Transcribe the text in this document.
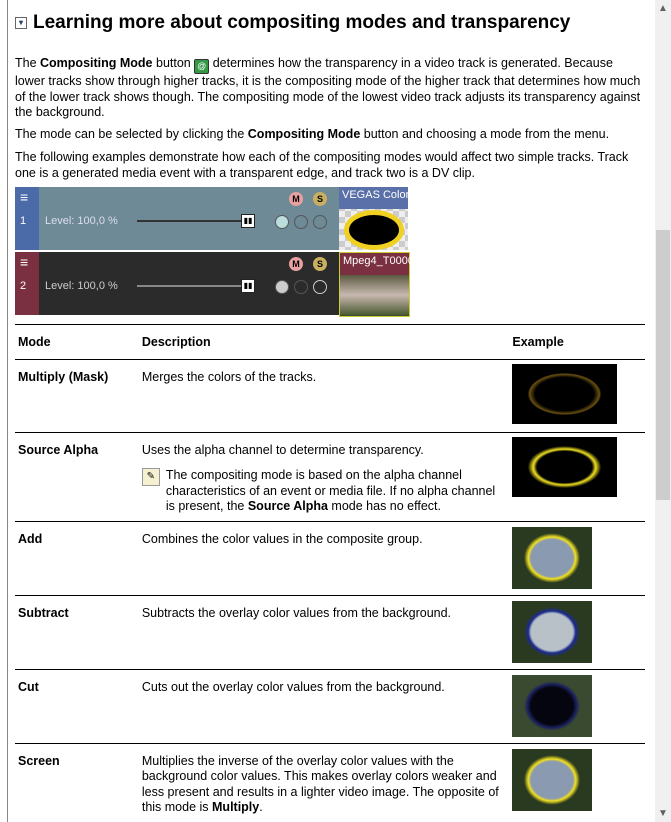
▾ Learning more about compositing modes and transparency

The Compositing Mode button @ determines how the transparency in a video track is generated. Because lower tracks show through higher tracks, it is the compositing mode of the higher track that determines how much of the lower track shows though. The compositing mode of the lowest video track adjusts its transparency against the background.

The mode can be selected by clicking the Compositing Mode button and choosing a mode from the menu.

The following examples demonstrate how each of the compositing modes would affect two simple tracks. Track one is a generated media event with a transparent edge, and track two is a DV clip.

≡
1 Level: 100,0 %	▮▮
M	S	VEGAS Color Gradient
≡
2 Level: 100,0 %	▮▮
M	S	Mpeg4_T0000
Mode	Description	Example
Multiply (Mask)	Merges the colors of the tracks.	

Source Alpha	Uses the alpha channel to determine transparency.
✎ The compositing mode is based on the alpha channel characteristics of an event or media file. If no alpha channel is present, the Source Alpha mode has no effect.	

Add	Combines the color values in the composite group.	

Subtract	Subtracts the overlay color values from the background.	

Cut	Cuts out the overlay color values from the background.	

Screen	Multiplies the inverse of the overlay color values with the background color values. This makes overlay colors weaker and less present and results in a lighter video image. The opposite of this mode is Multiply.	
▲
▼
